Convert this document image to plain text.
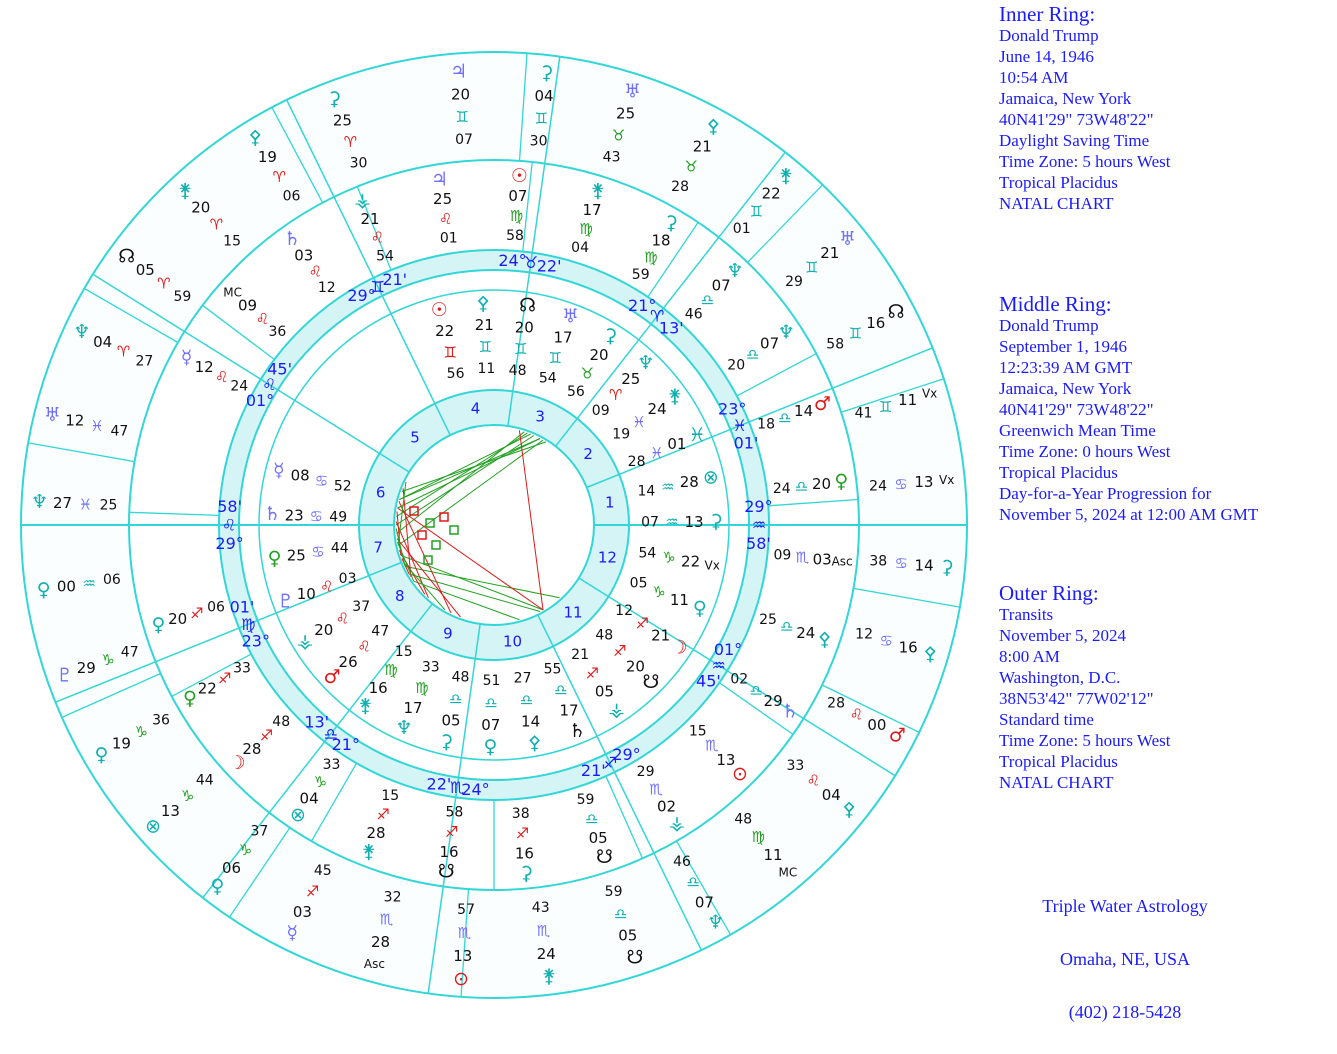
1
2
3
4
5
6
7
8
9	10
11
12
29°
♌
58'
23°
♍
01'
21°
♎
13'
24°
♏
22'
29°
♐
21'
01°
♒
45'
29°
♒
58'
23°
♓
01'
21°
♈
13'
24°
♉
22'
29°
♊
21'
01°
♌
45'
☉
22
♊
56
⚴
21
♊
11
☊
20
♊
48
♅
17
♊
54
⚳
20
♉
56
♆
25
♈
09
⚵
24
♓
19	♓
01
♓
28
⊗
28
♒
14
⚳
13
♒
07
Vx
22
♑
54
♀
11
♑
05
☽
21
♐
12
☋
20
♐
48
⚶
05
♐
21
♄
17
♎
55
⚴
14
♎
27
♀
07
♎
51
⚳
05
♎
48
♆
17
♍
33
⚵
16
♍
15
♂
26
♌
47
⚶
20
♌
37
♇ 10 ♌ 03
♀ 25 ♋ 44
♄ 23 ♋ 49
☿ 08 ♋ 52
☿ 12
♌
24
MC
09
♌
36
♄
03
♌
12
⚶
21
♌
54
♃
25
♌
01
☉
07
♍
58
⚵
17
♍
04
⚳
18
♍
59	♆
07
♎
46
♆
07
♎
20
♂
14
♎
18
♀
20
♎
24
Asc
03
♏
09
⚴
24
♎
25
♄
29
♎
02
⊙
13
♏
15
⚶
02
♏
29
☋
05
♎
59
⚳
16
♐
38
☋
16
♐
58
⚵
28
♐
15
⊗
04
♑
33
☽
28
♐
48
♀ 22
♐
33
♀ 20 ♐ 06
♃
20
♊
07
⚳
04
♊
30
♅
25
♉
43
⚴
21
♉
28	⚵
22
♊
01	♅
21
♊
29
☊
16
♊
58
Vx
11
♊
41
Vx
13
♋
24
⚳
14
♋
38
⚴
16
♋
12
♂
00
♌
28
⚴
04
♌
33
MC
11
♍
48
♆
07
♎
46
☋
05
♎
59
⚵
24
♏
43
⊙
13
♏
57
Asc
28
♏
32
☿
03
♐
45
♀
06
♑
37
⊗
13
♑
44
♀
19
♑
36
♇ 29 ♑ 47
♀ 00 ♒ 06
♆ 27 ♓ 25
♅ 12 ♓ 47
♆ 04
♈
27
☊
05
♈
59
⚵
20
♈
15
⚴
19
♈
06
⚳
25
♈
30
Inner Ring:
Donald Trump
June 14, 1946
10:54 AM
Jamaica, New York
40N41'29" 73W48'22"
Daylight Saving Time
Time Zone: 5 hours West
Tropical Placidus
NATAL CHART
Middle Ring:
Donald Trump
September 1, 1946
12:23:39 AM GMT
Jamaica, New York
40N41'29" 73W48'22"
Greenwich Mean Time
Time Zone: 0 hours West
Tropical Placidus
Day-for-a-Year Progression for
November 5, 2024 at 12:00 AM GMT
Outer Ring:
Transits
November 5, 2024
8:00 AM
Washington, D.C.
38N53'42" 77W02'12"
Standard time
Time Zone: 5 hours West
Tropical Placidus
NATAL CHART
Triple Water Astrology
Omaha, NE, USA
(402) 218-5428
